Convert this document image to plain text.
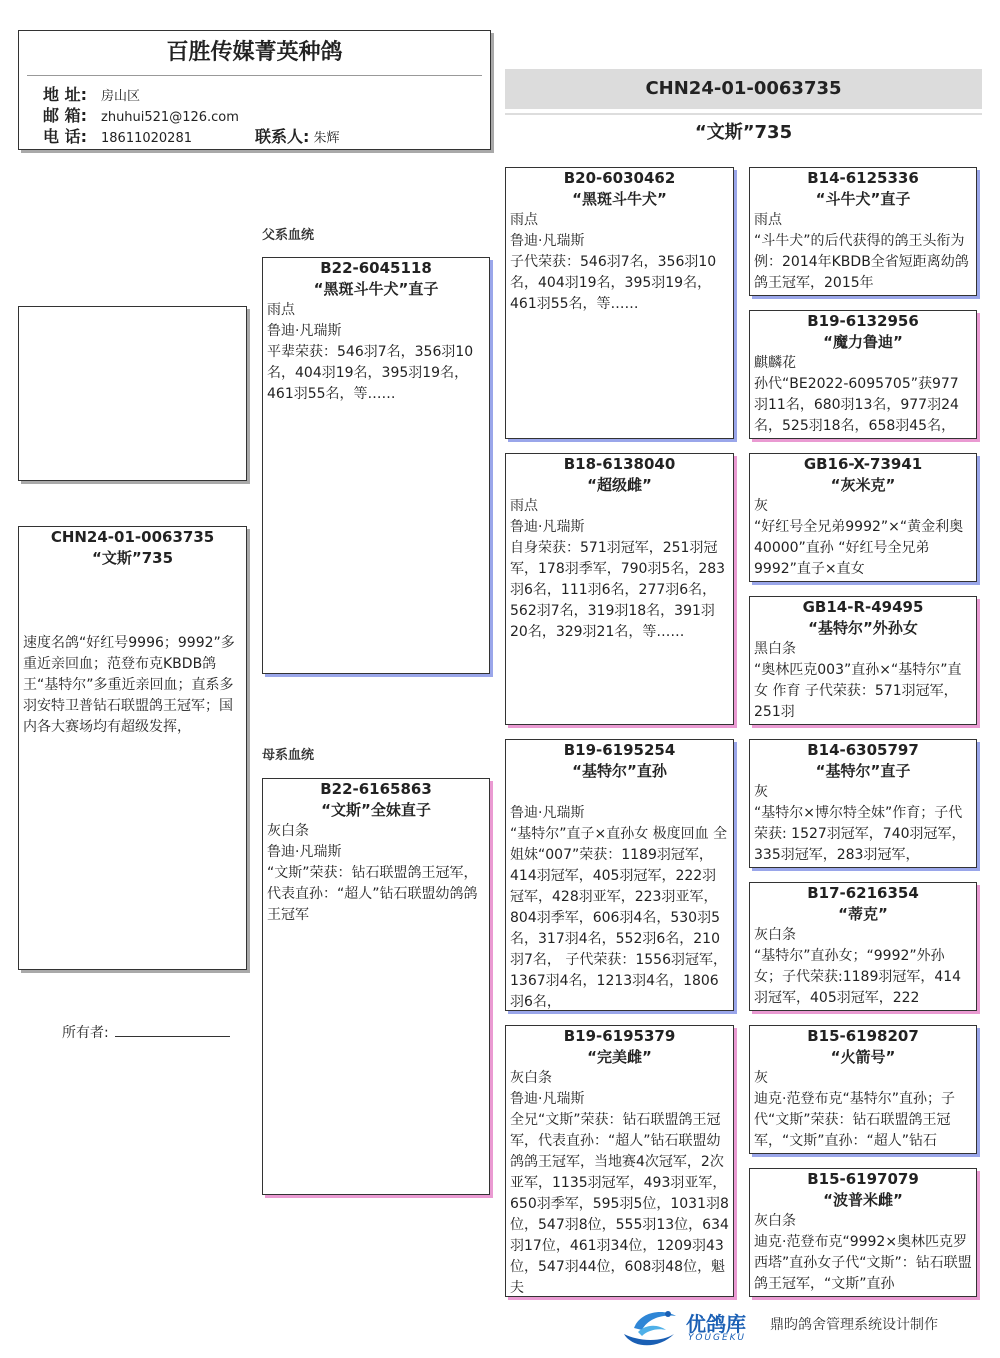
百胜传媒菁英种鸽
地 址: 房山区
邮 箱: zhuhui521@126.com
电 话: 18611020281	联系人: 朱辉
CHN24-01-0063735
“文斯”735
CHN24-01-0063735
“文斯”735
速度名鸽“好红号9996；9992”多重近亲回血；范登布克KBDB鸽王“基特尔”多重近亲回血；直系多羽安特卫普钻石联盟鸽王冠军；国内各大赛场均有超级发挥，
所有者:
父系血统
母系血统
B22-6045118
“黑斑斗牛犬”直子
雨点
鲁迪·凡瑞斯
平辈荣获：546羽7名，356羽10名，404羽19名，395羽19名，461羽55名，等……
B22-6165863
“文斯”全妹直子
灰白条
鲁迪·凡瑞斯
“文斯”荣获：钻石联盟鸽王冠军，代表直孙：“超人”钻石联盟幼鸽鸽王冠军
B20-6030462
“黑斑斗牛犬”
雨点
鲁迪·凡瑞斯
子代荣获：546羽7名，356羽10名，404羽19名，395羽19名，461羽55名，等……
B18-6138040
“超级雌”
雨点
鲁迪·凡瑞斯
自身荣获：571羽冠军，251羽冠军，178羽季军，790羽5名，283羽6名，111羽6名，277羽6名，562羽7名，319羽18名，391羽20名，329羽21名，等……
B19-6195254
“基特尔”直孙
鲁迪·凡瑞斯
“基特尔”直子×直孙女 极度回血 全姐妹“007”荣获：1189羽冠军，414羽冠军，405羽冠军，222羽冠军，428羽亚军，223羽亚军，804羽季军，606羽4名，530羽5名，317羽4名，552羽6名，210羽7名， 子代荣获：1556羽冠军，1367羽4名，1213羽4名，1806羽6名，
B19-6195379
“完美雌”
灰白条
鲁迪·凡瑞斯
全兄“文斯”荣获：钻石联盟鸽王冠军，代表直孙：“超人”钻石联盟幼鸽鸽王冠军，当地赛4次冠军，2次亚军，1135羽冠军，493羽亚军，650羽季军，595羽5位，1031羽8位，547羽8位，555羽13位，634羽17位，461羽34位，1209羽43位，547羽44位，608羽48位，魁夫
B14-6125336
“斗牛犬”直子
雨点
“斗牛犬”的后代获得的鸽王头衔为例：2014年KBDB全省短距离幼鸽鸽王冠军，2015年
B19-6132956
“魔力鲁迪”
麒麟花
孙代“BE2022-6095705”获977羽11名，680羽13名，977羽24名，525羽18名，658羽45名，
GB16-X-73941
“灰米克”
灰
“好红号全兄弟9992”×“黄金利奥40000”直孙 “好红号全兄弟9992”直子×直女
GB14-R-49495
“基特尔”外孙女
黑白条
“奥林匹克003”直孙×“基特尔”直女 作育 子代荣获：571羽冠军，251羽
B14-6305797
“基特尔”直子
灰
“基特尔×博尔特全妹”作育；子代荣获: 1527羽冠军，740羽冠军，335羽冠军，283羽冠军，
B17-6216354
“蒂克”
灰白条
“基特尔”直孙女；“9992”外孙女；子代荣获:1189羽冠军，414羽冠军，405羽冠军，222
B15-6198207
“火箭号”
灰
迪克·范登布克“基特尔”直孙；子代“文斯”荣获：钻石联盟鸽王冠军，“文斯”直孙：“超人”钻石
B15-6197079
“波普米雌”
灰白条
迪克·范登布克“9992×奥林匹克罗西塔”直孙女子代“文斯”：钻石联盟鸽王冠军，“文斯”直孙
优鸽库
YOUGEKU
鼎昀鸽舍管理系统设计制作
